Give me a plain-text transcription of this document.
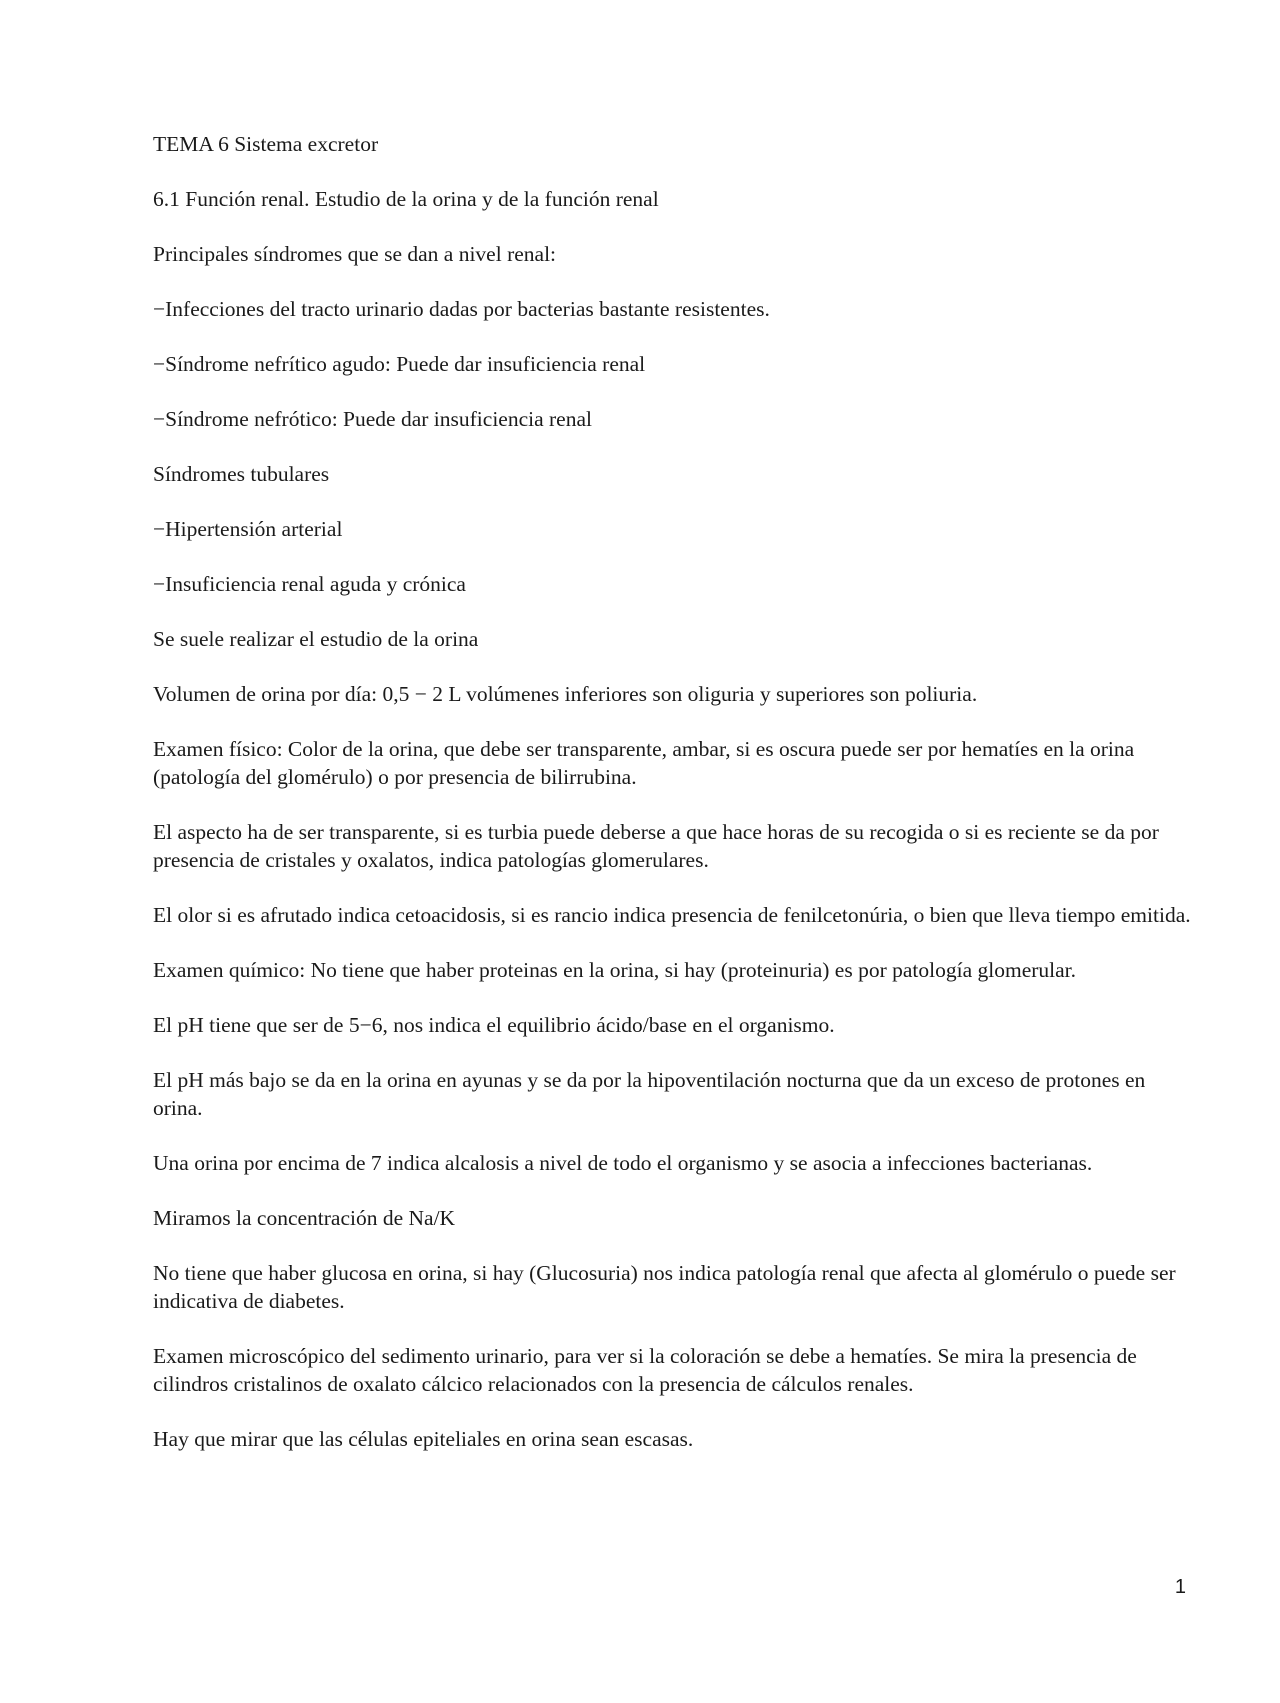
TEMA 6 Sistema excretor

6.1 Función renal. Estudio de la orina y de la función renal

Principales síndromes que se dan a nivel renal:

−Infecciones del tracto urinario dadas por bacterias bastante resistentes.

−Síndrome nefrítico agudo: Puede dar insuficiencia renal

−Síndrome nefrótico: Puede dar insuficiencia renal

Síndromes tubulares

−Hipertensión arterial

−Insuficiencia renal aguda y crónica

Se suele realizar el estudio de la orina

Volumen de orina por día: 0,5 − 2 L volúmenes inferiores son oliguria y superiores son poliuria.

Examen físico: Color de la orina, que debe ser transparente, ambar, si es oscura puede ser por hematíes en la orina (patología del glomérulo) o por presencia de bilirrubina.

El aspecto ha de ser transparente, si es turbia puede deberse a que hace horas de su recogida o si es reciente se da por presencia de cristales y oxalatos, indica patologías glomerulares.

El olor si es afrutado indica cetoacidosis, si es rancio indica presencia de fenilcetonúria, o bien que lleva tiempo emitida.

Examen químico: No tiene que haber proteinas en la orina, si hay (proteinuria) es por patología glomerular.

El pH tiene que ser de 5−6, nos indica el equilibrio ácido/base en el organismo.

El pH más bajo se da en la orina en ayunas y se da por la hipoventilación nocturna que da un exceso de protones en orina.

Una orina por encima de 7 indica alcalosis a nivel de todo el organismo y se asocia a infecciones bacterianas.

Miramos la concentración de Na/K

No tiene que haber glucosa en orina, si hay (Glucosuria) nos indica patología renal que afecta al glomérulo o puede ser indicativa de diabetes.

Examen microscópico del sedimento urinario, para ver si la coloración se debe a hematíes. Se mira la presencia de cilindros cristalinos de oxalato cálcico relacionados con la presencia de cálculos renales.

Hay que mirar que las células epiteliales en orina sean escasas.

1
